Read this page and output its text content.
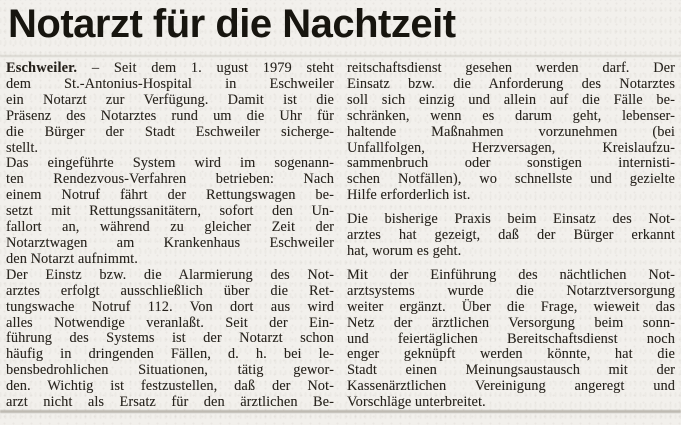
Notarzt für die Nachtzeit
Eschweiler. – Seit dem 1. ugust 1979 steht
dem St.-Antonius-Hospital in Eschweiler
ein Notarzt zur Verfügung. Damit ist die
Präsenz des Notarztes rund um die Uhr für
die Bürger der Stadt Eschweiler sicherge-
stellt.
Das eingeführte System wird im sogenann-
ten Rendezvous-Verfahren betrieben: Nach
einem Notruf fährt der Rettungswagen be-
setzt mit Rettungssanitätern, sofort den Un-
fallort an, während zu gleicher Zeit der
Notarztwagen am Krankenhaus Eschweiler
den Notarzt aufnimmt.
Der Einstz bzw. die Alarmierung des Not-
arztes erfolgt ausschließlich über die Ret-
tungswache Notruf 112. Von dort aus wird
alles Notwendige veranlaßt. Seit der Ein-
führung des Systems ist der Notarzt schon
häufig in dringenden Fällen, d. h. bei le-
bensbedrohlichen Situationen, tätig gewor-
den. Wichtig ist festzustellen, daß der Not-
arzt nicht als Ersatz für den ärztlichen Be-
reitschaftsdienst gesehen werden darf. Der
Einsatz bzw. die Anforderung des Notarztes
soll sich einzig und allein auf die Fälle be-
schränken, wenn es darum geht, lebenser-
haltende Maßnahmen vorzunehmen (bei
Unfallfolgen, Herzversagen, Kreislaufzu-
sammenbruch oder sonstigen internisti-
schen Notfällen), wo schnellste und gezielte
Hilfe erforderlich ist.
Die bisherige Praxis beim Einsatz des Not-
arztes hat gezeigt, daß der Bürger erkannt
hat, worum es geht.
Mit der Einführung des nächtlichen Not-
arztsystems wurde die Notarztversorgung
weiter ergänzt. Über die Frage, wieweit das
Netz der ärztlichen Versorgung beim sonn-
und feiertäglichen Bereitschaftsdienst noch
enger geknüpft werden könnte, hat die
Stadt einen Meinungsaustausch mit der
Kassenärztlichen Vereinigung angeregt und
Vorschläge unterbreitet.
